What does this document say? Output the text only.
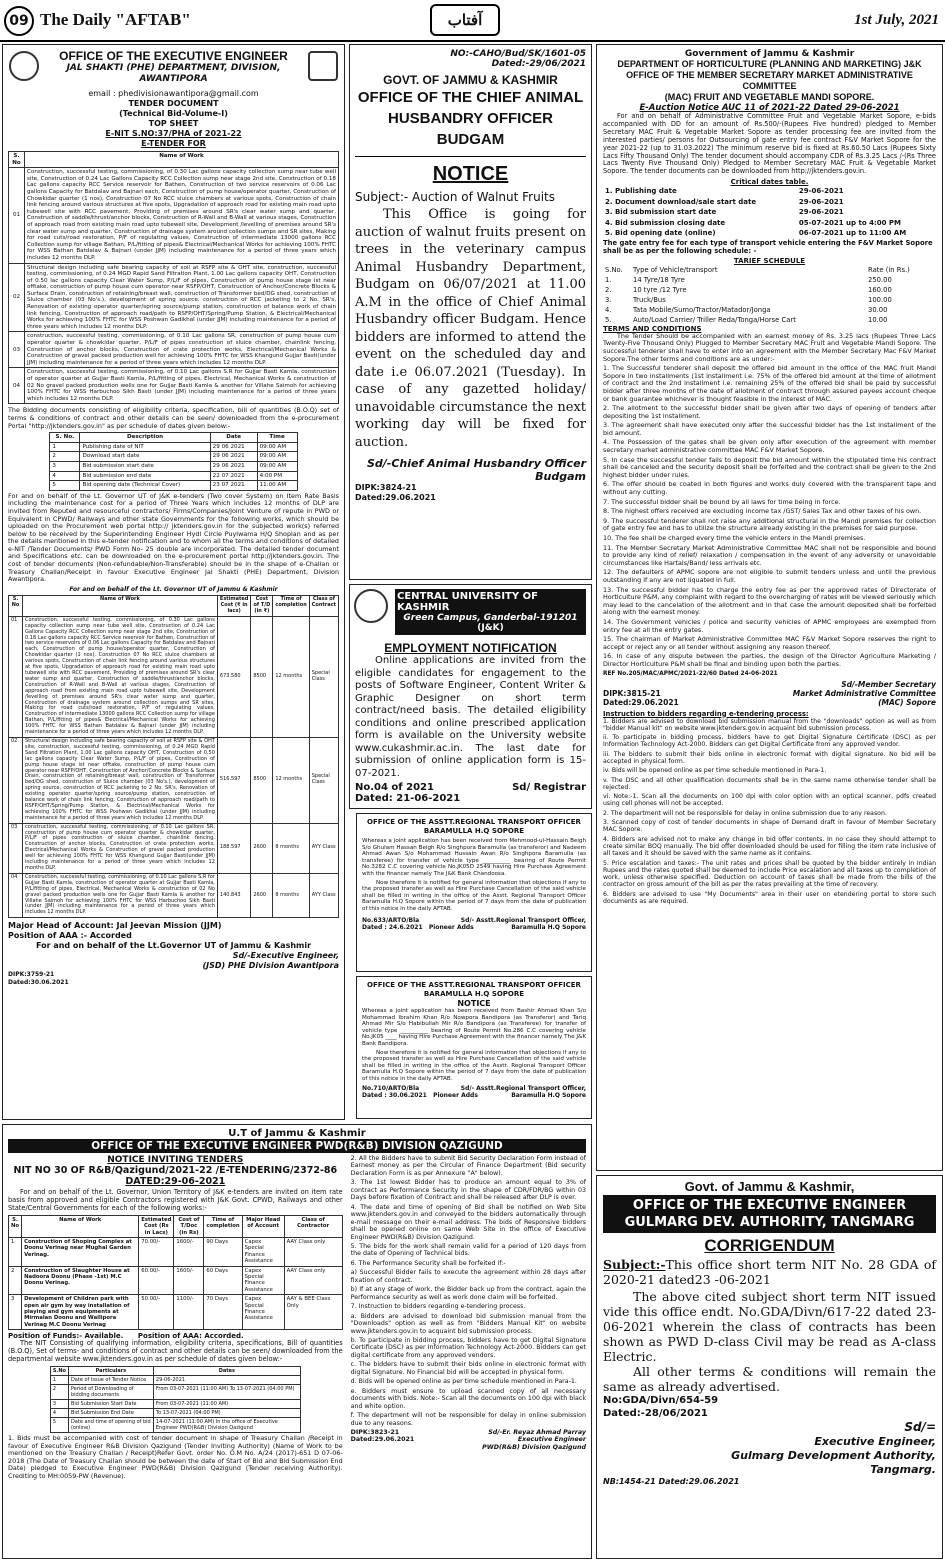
09 The Daily "AFTAB"	آفتاب	1st July, 2021
OFFICE OF THE EXECUTIVE ENGINEER
JAL SHAKTI (PHE) DEPARTMENT, DIVISION,
AWANTIPORA
email : phedivisionawantipora@gmail.com
TENDER DOCUMENT
(Technical Bid-Volume-I)
TOP SHEET
E-NIT S.NO:37/PHA of 2021-22
E-TENDER FOR
S. No	Name of Work
01	Construction, successful testing, commissioning, of 0.30 Lac gallons capacity collection sump near tube well site, Construction of 0.24 Lac Gallons Capacity RCC Collection sump near stage 2nd site, Construction of 0.18 Lac gallons capacity RCC Service reservoir for Bathen, Construction of two service reservoirs of 0.06 Lac gallons Capacity for Batdalav and Bajnari each, Construction of pump house/operator quarter, Construction of Chowkidar quarter (1 nos), Construction 07 No RCC sluice chambers at various spots, Construction of chain link fencing around various structures at five spots, Upgradation of approach road for existing main road upto tubewell site with RCC pavement, Providing of premises around SR's clear water sump and quarter, Construction of saddle/thrust/anchor blocks, Construction of R-Wall and B-Wall at various stages, Construction of approach road from existing main road upto tubewell site, Development /levelling of premises around SR's clear water sump and quarter, Construction of drainage system around collection sumps and SR sites, Making for road cuts/road restoration, P/F of regulating values, Construction of intermediate 13000 gallons RCC Collection sump for village Bathan, P/L/fitting of pipes& Electrical/Mechanical Works for achieving 100% FHTC for WSS Bathan Batdalav & Bajnari (under JJM) including maintenance for a period of three years which includes 12 months DLP.
02	Structural design including safe bearing capacity of soil at RSFP site & OHT site, construction, successful testing, commissioning, of 0.24 MGD Rapid Sand Filtration Plant, 1.00 Lac gallons capacity OHT, Construction of 0.50 lac gallons capacity Clear Water Sump, P/L/F of pipes, Construction of pump house stage ist near offtake, construction of pump house cum operator near RSFP/OHT, Construction of Anchor/Concrete Blocks & Surface Drain, construction of retaining/breast wall, construction of Transformer bed/DG shed, construction of Sluice chamber (03 No's.), development of spring source, construction of RCC jacketing to 2 No. SR's, Renovation of existing operator quarter/spring source/pump station, construction of balance work of chain link fencing, Construction of approach road/path to RSFP/OHT/Spring/Pump Station, & Electrical/Mechanical Works for achieving 100% FHTC for WSS Poshwan Gadikhal (under JJM) including maintenance for a period of three years which includes 12 months DLP.
03	construction, successful testing, commissioning, of 0.10 Lac gallons SR, construction of pump house cum operator quarter & chowkidar quarter, P/L/F of pipes construction of sluice chamber, chainlink fencing, Construction of anchor blocks, Construction of crate protection works, Electrical/Mechanical Works & Construction of gravel packed production well for achieving 100% FHTC for WSS Khangund Gujjar Basti(under JJM) including maintenance for a period of three years which includes 12 months DLP.
04	Construction, successful testing, commissioning, of 0.10 Lac gallons S.R for Gujjar Basti Kamla, construction of operator quarter at Gujjar Basti Kamla, P/L/fitting of pipes, Electrical, Mechanical Works & construction of 02 No gravel packed production wells one for Gujjar Basti Kamla & another for Villahe Saimoh for achieving 100% FHTC for WSS Harbuchoo Sikh Basti (under JJM) including maintenance for a period of three years which includes 12 months DLP.

The Bidding documents consisting of eligibility criteria, specification, bill of quantities (B.O.Q) set of terms & conditions of contract and other details can be seen/ downloaded from the e-procurement Portal "http://jktenders.gov.in" as per schedule of dates given below:-

S. No.	Description	Date	Time
1	Publishing date of NIT	29 06 2021	09:00 AM
2	Download start date	29 06 2021	09:00 AM
3	Bid submission start date	29 06 2021	09:00 AM
4	Bid submission end date	22 07 2021	4:00 PM
5	Bid opening date (Technical Cover)	23 07 2021	11:00 AM

For and on behalf of the Lt. Governor UT of J&K e-tenders (Two cover System) on Item Rate Basis including the maintenance cost for a period of Three Years which includes 12 months of DLP are invited from Reputed and resourceful contractors/ Firms/Companies/Joint Venture of repute in PWD or Equivalent in CPWD/ Railways and other state Governments for the following works, which should be uploaded on the Procurement web portal http:// jktenders.gov.in for the subjected work(s) referred below to be received by the Superintending Engineer Hydl Circle Puylwama H/Q Shopian and as per the details mentioned in this e-tender notification and to whom all the terms and conditions of detailed e-NIT /Tender Documents/ PWD Form No- 25 double are incorporated. The detailed tender document and Specifications etc. can be downloaded on the e-procurement portal http://jktenders.gov.in. The cost of tender documents (Non-refundable/Non-Transferable) should be in the shape of e-Challan or Treasury Challan/Receipt in favour Executive Engineer Jal Shakti (PHE) Department, Division Awantipora.

For and on behalf of the Lt. Governor UT of Jammu & Kashmir

S. No	Name of Work	Estimated Cost (₹ in lacs)	Cost of T/D (in ₹)	Time of completion	Class of Contract
01	Construction, successful testing, commissioning, of 0.30 Lac gallons capacity collection sump near tube well site, Construction of 0.24 Lac Gallons Capacity RCC Collection sump near stage 2nd site, Construction of 0.18 Lac gallons capacity RCC Service reservoir for Bathen, Construction of two service reservoirs of 0.06 Lac gallons Capacity for Batdalav and Bajnari each, Construction of pump house/operator quarter, Construction of Chowkidar quarter (1 nos), Construction 07 No RCC sluice chambers at various spots, Construction of chain link fencing around various structures at five spots, Upgradation of approach road for existing main road upto tubewell site with RCC pavement, Providing of premises around SR's clear water sump and quarter, Construction of saddle/thrust/anchor blocks, Construction of R-Wall and B-Wall at various stages, Construction of approach road from existing main road upto tubewell site, Development /levelling of premises around SR's clear water sump and quarter, Construction of drainage system around collection sumps and SR sites, Making for road cuts/road restoration, P/F of regulating values, Construction of intermediate 13000 gallons RCC Collection sump for village Bathan, P/L/fitting of pipes& Electrical/Mechanical Works for achieving 100% FHTC for WSS Bathan Batdalav & Bajnari (under JJM) including maintenance for a period of three years which includes 12 months DLP.	673.580	8500	12 months	Special Class
02	Structural design including safe bearing capacity of soil at RSFP site & OHT site, construction, successful testing, commissioning, of 0.24 MGD Rapid Sand Filtration Plant, 1.00 Lac gallons capacity OHT, Construction of 0.50 lac gallons capacity Clear Water Sump, P/L/F of pipes, Construction of pump house stage ist near offtake, construction of pump house cum operator near RSFP/OHT, Construction of Anchor/Concrete Blocks & Surface Drain, construction of retaining/breast wall, construction of Transformer bed/DG shed, construction of Sluice chamber (03 No's.), development of spring source, construction of RCC jacketing to 2 No. SR's, Renovation of existing operator quarter/spring source/pump station, construction of balance work of chain link fencing, Construction of approach road/path to RSFP/OHT/Spring/Pump Station, & Electrical/Mechanical Works for achieving 100% FHTC for WSS Poshwan Gadikhal (under JJM) including maintenance for a period of three years which includes 12 months DLP.	516.597	8500	12 months	Special Class
03	construction, successful testing, commissioning, of 0.10 Lac gallons SR, construction of pump house cum operator quarter & chowkidar quarter, P/L/F of pipes construction of sluice chamber, chainlink fencing, Construction of anchor blocks, Construction of crate protection works, Electrical/Mechanical Works & Construction of gravel packed production well for achieving 100% FHTC for WSS Khangund Gujjar Basti(under JJM) including maintenance for a period of three years which includes 12 months DLP.	188.597	2600	8 months	AYY Class
04	Construction, successful testing, commissioning, of 0.10 Lac gallons S.R for Gujjar Basti Kamla, construction of operator quarter at Gujjar Basti Kamla, P/L/fitting of pipes, Electrical, Mechanical Works & construction of 02 No gravel packed production wells one for Gujjar Basti Kamla & another for Villahe Saimoh for achieving 100% FHTC for WSS Harbuchoo Sikh Basti (under JJM) including maintenance for a period of three years which includes 12 months DLP.	140.843	2600	8 months	AYY Class
Major Head of Account: Jal Jeevan Mission (JJM)
Position of AAA :- Accorded
For and on behalf of the Lt.Governor UT of Jammu & Kashmir
Sd/-Executive Engineer,
(JSD) PHE Division Awantipora
DIPK:3759-21
Dated:30.06.2021
NO:-CAHO/Bud/SK/1601-05
Dated:-29/06/2021
GOVT. OF JAMMU & KASHMIR
OFFICE OF THE CHIEF ANIMAL HUSBANDRY OFFICER BUDGAM
NOTICE
Subject:- Auction of Walnut Fruits
This Office is going for auction of walnut fruits present on trees in the veterinary campus Animal Husbandry Department, Budgam on 06/07/2021 at 11.00 A.M in the office of Chief Animal Husbandry officer Budgam. Hence bidders are informed to attend the event on the scheduled day and date i.e 06.07.2021 (Tuesday). In case of any gazetted holiday/ unavoidable circumstance the next working day will be fixed for auction.
Sd/-Chief Animal Husbandry Officer
Budgam
DIPK:3824-21
Dated:29.06.2021
CENTRAL UNIVERSITY OF KASHMIR
Green Campus, Ganderbal-191201
(J&K)
EMPLOYMENT NOTIFICATION
Online applications are invited from the eligible candidates for engagement to the posts of Software Engineer, Content Writer & Graphic Designer on short term contract/need basis. The detailed eligibility conditions and online prescribed application form is available on the University website www.cukashmir.ac.in. The last date for submission of online application form is 15-07-2021.
No.04 of 2021	Sd/ Registrar
Dated: 21-06-2021
OFFICE OF THE ASSTT.REGIONAL TRANSPORT OFFICER BARAMULLA H.Q SOPORE

Whereas a joint application has been received from Mehmood-ul-Hassain Beigh S/o Ghulam Hassan Beigh R/o Singhpora Baramulla (as transferor) and Nadeem Ahmad Awan S/o Mohammad Hussain Awan R/o Singhpora Baramulla (as transferee) for transfer of vehicle type __________ bearing of Route Permit No.3282 C.C covering vehicle No.JK05D 2549 having Hire Purchase Agreement with the financer namely The J&K Bank Chandoosa.

Now therefore it is notified for general information that objections if any to the proposed transfer as well as Hire Purchase Cancellation of the said vehicle shall be filled in writing in the office of the Asstt. Regional Transport Officer Baramulla H.Q Sopore within the period of 7 days from the date of publication of this notice in the daily AFTAB.

No.633/ARTO/Bla	Sd/- Asstt.Regional Transport Officer,
Dated : 24.6.2021 Pioneer Adds	Baramulla H.Q Sopore
OFFICE OF THE ASSTT.REGIONAL TRANSPORT OFFICER BARAMULLA H.Q SOPORE
NOTICE

Whereas a joint application has been received from Bashir Ahmad Khan S/o Mohammad Ibrahim Khan R/o Nowpora Bandipora (as Transferor) and Tariq Ahmad Mir S/o Habibullah Mir R/o Bandipora (as Transferee) for transfer of vehicle type __________ bearing of Route Permit No.286 C.C covering vehicle No.JK05 ____ having Hire Purchase Agreement with the financer namely The J&K Bank Bandipora.

Now therefore it is notified for general information that objections if any to the proposed transfer as well as Hire Purchase Cancellation of the said vehicle shall be filled in writing in the office of the Asstt. Regional Transport Officer Baramulla H.Q Sopore within the period of 7 days from the date of publication of this notice in the daily AFTAB.

No.710/ARTO/Bla	Sd/- Asstt.Regional Transport Officer,
Dated : 30.06.2021 Pioneer Adds	Baramulla H.Q Sopore
Government of Jammu & Kashmir
DEPARTMENT OF HORTICULTURE (PLANNING AND MARKETING) J&K
OFFICE OF THE MEMBER SECRETARY MARKET ADMINISTRATIVE COMMITTEE
(MAC) FRUIT AND VEGETABLE MANDI SOPORE.
E-Auction Notice AUC 11 of 2021-22 Dated 29-06-2021

For and on behalf of Administrative Committee Fruit and Vegetable Market Sopore, e-bids accompanied with DD for an amount of Rs.500/-(Rupees Five hundred) pledged to Member Secretary MAC Fruit & Vegetable Market Sopore as tender processing fee are invited from the interested parties/ persons for Outsourcing of gate entry fee contract F&V Market Sopore for the year 2021-22 (up to 31.03.2022) The minimum reserve bid is fixed at Rs.60.50 Lacs (Rupees Sixty Lacs Fifty Thousand Only) The tender document should accompany CDR of Rs.3.25 Lacs /-(Rs Three Lacs Twenty Five Thousand Only) Pledged to Member Secretary MAC Fruit & Vegetable Market Sopore. The tender documents can be downloaded from http://jktenders.gov.in.

Critical dates table.
1. Publishing date	29-06-2021
2. Document download/sale start date	29-06-2021
3. Bid submission start date	29-06-2021
4. Bid submission closing date	05-07-2021 up to 4:00 PM
5. Bid opening date (online)	06-07-2021 up to 11:00 AM

The gate entry fee for each type of transport vehicle entering the F&V Market Sopore shall be as per the following schedule: -

TARIEF SCHEDULE
S.No.	Type of Vehicle/transport	Rate (in Rs.)
1.	14 Tyre/18 Tyre	250.00
2.	10 tyre /12 Tyre	160.00
3.	Truck/Bus	100.00
4.	Tata Mobile/Sumo/Tractor/Matador/Jonga	30.00
5.	Auto/Load Carrier/ Triller Reda/Tonga/Horse Cart	10.00
TERMS AND CONDITIONS

The Tender Should be accompanied with an earnest money of Rs. 3.25 lacs (Rupees Three Lacs Twenty-Five Thousand Only) Plugged to Member Secretary MAC Fruit and Vegetable Mandi Sopore. The successful tenderer shall have to enter into an agreement with the Member Secretary Mac F&V Market Sopore.The other terms and conditions are as under:-

1. The Successful tenderer shall deposit the offered bid amount in the office of the MAC fruit Mandi Sopore in two installments (1st installment i.e. 75% of the offered bid amount at the time of allotment of contract and the 2nd installment i.e. remaining 25% of the offered bid shall be paid by successful bidder after three months of the date of allotment of contract through assured payees account cheque or bank guarantee whichever is thought feasible in the interest of MAC.

2. The allotment to the successful bidder shall be given after two days of opening of tenders after depositing the 1st installment.

3. The agreement shall have executed only after the successful bidder has the 1st installment of the bid amount.

4. The Possession of the gates shall be given only after execution of the agreement with member secretary market administrative committee MAC F&V Market Sopore.

5. In case the successful tender fails to deposit the bid amount within the stipulated time his contract shall be canceled and the security deposit shall be forfeited and the contract shall be given to the 2nd highest bidder under rules.

6. The offer should be coated in both figures and works duly covered with the transparent tape and without any cutting.

7. The successful bidder shall be bound by all laws for time being in force.

8. The highest offers received are excluding income tax /GST/ Sales Tax and other taxes of his own.

9. The successful tenderer shall not raise any additional structural in the Mandi premises for collection of gate entry fee and has to utilize the structure already existing in the premises for said purpose.

10. The fee shall be charged every time the vehicle enters in the Mandi premises.

11. The Member Secretary Market Administrative Committee MAC shall not be responsible and bound to provide any kind of relief/ relaxation / compensation in the event of any adversity or unavoidable circumstances like Hartals/Band/ less arrivals etc.

12. The defaulters of APMC sopore are not eligible to submit tenders unless and until the previous outstanding if any are not liquated in full.

13. The successful bidder has to charge the entry fee as per the approved rates of Directorate of Horticulture P&M, any complaint with regard to the overcharging of rates will be viewed seriously which may lead to the cancelation of the allotment and in that case the amount deposited shall be forfeited along with the earnest money.

14. The Government vehicles / police and security vehicles of APMC employees are exempted from entry fee at all the entry gates.

15. The chairman of Market Administrative Committee MAC F&V Market Sopore reserves the right to accept or reject any or all tender without assigning any reason thereof.

16. In case of any dispute between the parties, the design of the Director Agriculture Marketing / Director Horticulture P&M shall be final and binding upon both the parties.

REF No.205/MAC/APMC/2021-22/60 Dated 24-06-2021
Sd/-Member Secretary
DIPK:3815-21	Market Administrative Committee
Dated:29.06.2021	(MAC) Sopore
Instruction to bidders regarding e-tendering process:

1. Bidders are advised to download bid submission manual from the "downloads" option as well as from "bidder Manual kit" on website www.jktenders.gov.in acquaint bid submission process.

ii. To participate in bidding process, bidders have to get Digital Signature Certificate (DSC) as per Information Technology Act-2000. Bidders can get Digital Certificate from any approved vendor.

iii. The bidders to submit their bids online in electronic format with digital signature. No bid will be accepted in physical form.

iv. Bids will be opened online as per time schedule mentioned in Para-1.

v. The DSC and all other qualification documents shall be in the same name otherwise tender shall be rejected.

vi. Note:-1. Scan all the documents on 100 dpi with color option with an optical scanner, pdfs created using cell phones will not be accepted.

2. The department will not be responsible for delay in online submission due to any reason.

3. Scanned copy of cost of tender documents in shape of Demand draft in favour of Member Secretary MAC Sopore.

4. Bidders are advised not to make any change in bid offer contents. In no case they should attempt to create similar BOQ manually. The bid offer downloaded should be used for filling the item rate inclusive of all taxes and it should be saved with the same name as it contains.

5. Price escalation and taxes:- The unit rates and prices shall be quoted by the bidder entirely in Indian Rupees and the rates quoted shall be deemed to include Price escalation and all taxes up to completion of work, unless otherwise specified. Deduction on account of taxes shall be made from the bills of the contractor on gross amount of the bill as per the rates prevailing at the time of recovery.

6. Bidders are advised to use "My Documents" area in their user on etendering portal to store such documents as are required.

U.T of Jammu & Kashmir
OFFICE OF THE EXECUTIVE ENGINEER PWD(R&B) DIVISION QAZIGUND
NOTICE INVITING TENDERS
NIT NO 30 OF R&B/Qazigund/2021-22 /E-TENDERING/2372-86
DATED:29-06-2021

For and on behalf of the Lt. Governor, Union Territory of J&K e-tenders are invited on item rate basis from approved and eligible Contractors registered with J&K Govt. CPWD, Railways and other State/Central Governments for each of the following works:-

S. No	Name of Work	Estimated Cost (Rs in Lacs)	Cost of T/Doc (in Rs)	Time of completion	Major Head of Account	Class of Contractor
1	Construction of Shoping Complex at Doonu Verinag near Mughal Garden Verinag.	70.00/-	1600/-	90 Days	Capex Special Finance Assistance	AAY Class only
2	Construction of Slaughter House at Nadoora Doonu (Phase -1st) M.C Doonu Verinag.	60.00/-	1600/-	60 Days	Capex Special Finance Assistance	AAY Class only
3	Development of Children park with open air gym by way installation of playing and gym equipments at Mirmalan Doonu and Wallipora Verinag M.C Doonu Verinag	50.00/-	1100/-	70 Days	Capex Special Finance Assistance	AAY & BEE Class Only
Position of Funds:- Available. Position of AAA: Accorded.

The NIT Consisting of qualifying information, eligibility criteria, specifications, Bill of quantities (B.O.Q), Set of terms- and conditions of contract and other details can be seen/ downloaded from the departmental website www.jktenders.gov.in as per schedule of dates given below:-

S.No	Particulars	Dates
1	Date of Issue of Tender Notice	29-06-2021
2	Period of Downloading of bidding documents	From 03-07-2021 (11:00 AM) To 13-07-2021 (04:00 PM)
3	Bid Submission Start Date	From 03-07-2021 (11:00 AM)
4	Bid Submission End Date	To 13-07-2021 (04:00 PM)
5	Date and time of opening of bid (online)	14-07-2021 (11:00 AM) In the office of Executive Engineer PWD(R&B) Division Qazigund

1. Bids must be accompanied with cost of tender document in shape of Treasury Challan /Receipt in favour of Executive Engineer R&B Division Qazigund (Tender Inviting Authority) (Name of Work to be mentioned on the Treasury Challan / Receipt)Refer Govt. order No. O.M No. A/24 (2017)-651 D 07-06-2018 (The Date of Treasury Challan should be between the date of Start of Bid and Bid Submission End Date) pledged to Executive Engineer PWD(R&B) Division Qazigund (Tender receiving Authority). Crediting to MH:0059-PW (Revenue).

2. All the Bidders have to submit Bid Security Declaration Form instead of Earnest money as per the Circular of Finance Department (Bid security Declaration Form is as per Annexure "A" below).

3. The 1st lowest Bidder has to produce an amount equal to 3% of contract as Performance Security in the shape of CDR/FDR/BG within 03 Days before fixation of Contract and shall be released after DLP is over.

4. The date and time of opening of Bid shall be notified on Web Site www.jktenders.gov.in and conveyed to the bidders automatically through e-mail message on their e-mail address. The bids of Responsive bidders shall be opened online on same Web Site in the office of Executive Engineer PWD(R&B) Division Qazigund.

5. The bids for the work shall remain valid for a period of 120 days from the date of Opening of Technical bids.

6. The Performance Security shall be forfeited if:-

a) Successful Bidder fails to execute the agreement within 28 days after fixation of contract.

b) If at any stage of work, the Bidder back up from the contract, again the Performance security as well as work done claim will be forfeited.

7. Instruction to bidders regarding e-tendering process.

a. Bidders are advised to download bid submission manual from the "Downloads" option as well as from "Bidders Manual Kit" on website www.jktenders.gov.in to acquaint bid submission process.

b. To participate in bidding process, bidders have to get Digital Signature Certificate (DSC) as per Information Technology Act-2000. Bidders can get digital certificate from any approved vendors.

c. The bidders have to submit their bids online in electronic format with digital Signature. No Financial bid will be accepted in physical form.

d. Bids will be opened online as per time schedule mentioned in Para-1.

e. Bidders must ensure to upload scanned copy of all necessary documents with bids. Note:- Scan all the documents on 100 dpi with black and white option.

f. The department will not be responsible for delay in online submission due to any reasons.

DIPK:3823-21
Dated:29.06.2021
Sd/-Er. Reyaz Ahmad Parray
Executive Engineer
PWD(R&B) Division Qazigund
Govt. of Jammu & Kashmir,
OFFICE OF THE EXECUTIVE ENGINEER GULMARG DEV. AUTHORITY, TANGMARG
CORRIGENDUM
Subject:-This office short term NIT No. 28 GDA of 2020-21 dated23 -06-2021
The above cited subject short term NIT issued vide this office endt. No.GDA/Divn/617-22 dated 23-06-2021 wherein the class of contracts has been shown as PWD D-class Civil may be read as A-class Electric.
All other terms & conditions will remain the same as already advertised.
No:GDA/Divn/654-59
Dated:-28/06/2021
Sd/=
Executive Engineer,
Gulmarg Development Authority,
Tangmarg.
NB:1454-21 Dated:29.06.2021
